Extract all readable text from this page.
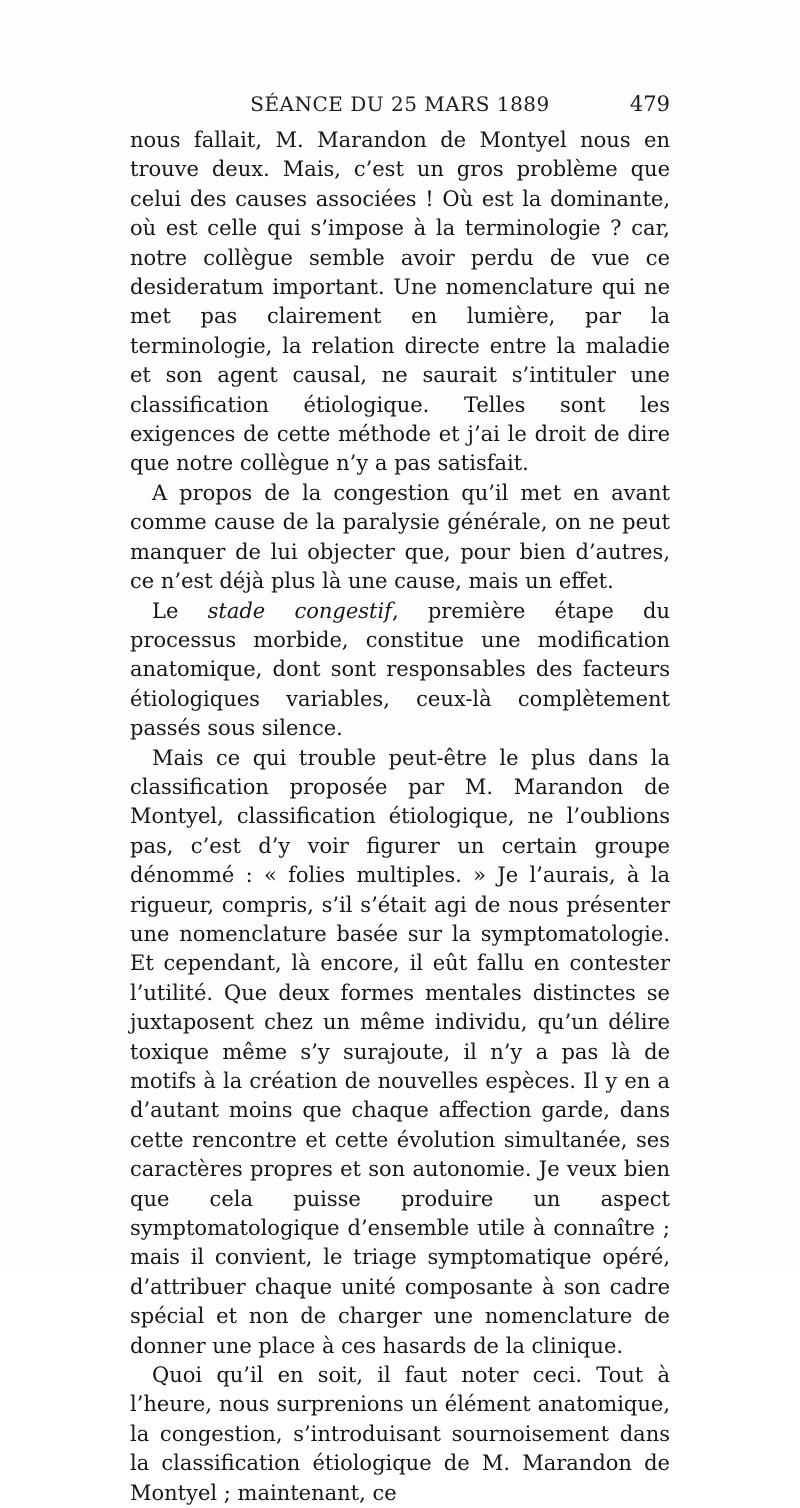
SÉANCE DU 25 MARS 1889	479

nous fallait, M. Marandon de Montyel nous en trouve deux. Mais, c’est un gros problème que celui des causes associées ! Où est la dominante, où est celle qui s’impose à la terminologie ? car, notre collègue semble avoir perdu de vue ce desideratum important. Une nomenclature qui ne met pas clairement en lumière, par la terminologie, la relation directe entre la maladie et son agent causal, ne saurait s’intituler une classification étiologique. Telles sont les exigences de cette méthode et j’ai le droit de dire que notre collègue n’y a pas satisfait.

A propos de la congestion qu’il met en avant comme cause de la paralysie générale, on ne peut manquer de lui objecter que, pour bien d’autres, ce n’est déjà plus là une cause, mais un effet.

Le stade congestif, première étape du processus morbide, constitue une modification anatomique, dont sont responsables des facteurs étiologiques variables, ceux-là complètement passés sous silence.

Mais ce qui trouble peut-être le plus dans la classification proposée par M. Marandon de Montyel, classification étiologique, ne l’oublions pas, c’est d’y voir figurer un certain groupe dénommé : « folies multiples. » Je l’aurais, à la rigueur, compris, s’il s’était agi de nous présenter une nomenclature basée sur la symptomatologie. Et cependant, là encore, il eût fallu en contester l’utilité. Que deux formes mentales distinctes se juxtaposent chez un même individu, qu’un délire toxique même s’y surajoute, il n’y a pas là de motifs à la création de nouvelles espèces. Il y en a d’autant moins que chaque affection garde, dans cette rencontre et cette évolution simultanée, ses caractères propres et son autonomie. Je veux bien que cela puisse produire un aspect symptomatologique d’ensemble utile à connaître ; mais il convient, le triage symptomatique opéré, d’attribuer chaque unité composante à son cadre spécial et non de charger une nomenclature de donner une place à ces hasards de la clinique.

Quoi qu’il en soit, il faut noter ceci. Tout à l’heure, nous surprenions un élément anatomique, la congestion, s’introduisant sournoisement dans la classification étiologique de M. Marandon de Montyel ; maintenant, ce
